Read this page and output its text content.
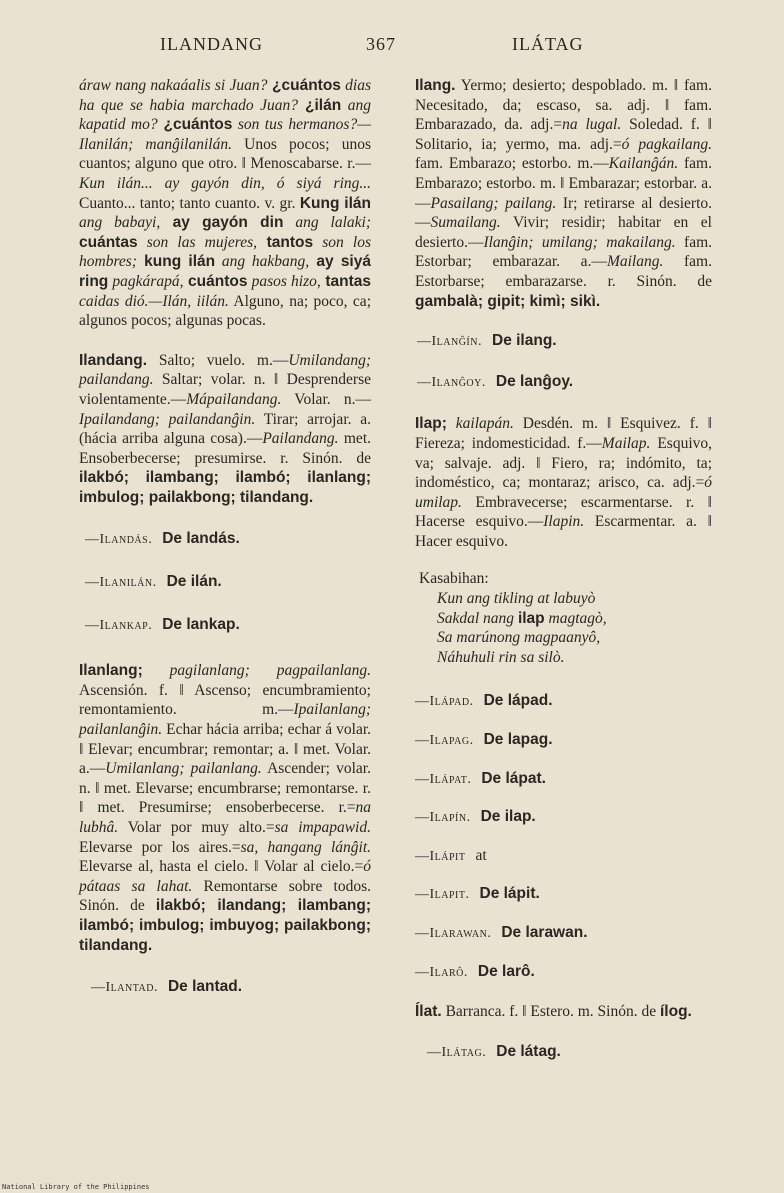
ILANDANG	367	ILÁTAG

áraw nang nakaáalis si Juan? ¿cuántos dias ha que se habia marchado Juan? ¿ilán ang kapatid mo? ¿cuántos son tus hermanos?—Ilanilán; manĝilanilán. Unos pocos; unos cuantos; alguno que otro. ‖ Menoscabarse. r.—Kun ilán... ay gayón din, ó siyá ring... Cuanto... tanto; tanto cuanto. v. gr. Kung ilán ang babayi, ay gayón din ang lalaki; cuántas son las mujeres, tantos son los hombres; kung ilán ang hakbang, ay siyá ring pagkárapá, cuántos pasos hizo, tantas caidas dió.—Ilán, iilán. Alguno, na; poco, ca; algunos pocos; algunas pocas.

Ilandang. Salto; vuelo. m.—Umilandang; pailandang. Saltar; volar. n. ‖ Desprenderse violentamente.—Mápailandang. Volar. n.—Ipailandang; pailandanĝin. Tirar; arrojar. a. (hácia arriba alguna cosa).—Pailandang. met. Ensoberbecerse; presumirse. r. Sinón. de ilakbó; ilambang; ilambó; ilanlang; imbulog; pailakbong; tilandang.

—Ilandás. De landás.

—Ilanilán. De ilán.

—Ilankap. De lankap.

Ilanlang; pagilanlang; pagpailanlang. Ascensión. f. ‖ Ascenso; encumbramiento; remontamiento. m.—Ipailanlang; pailanlanĝin. Echar hácia arriba; echar á volar. ‖ Elevar; encumbrar; remontar; a. ‖ met. Volar. a.—Umilanlang; pailanlang. Ascender; volar. n. ‖ met. Elevarse; encumbrarse; remontarse. r. ‖ met. Presumirse; ensoberbecerse. r.=na lubhâ. Volar por muy alto.=sa impapawid. Elevarse por los aires.=sa, hangang lánĝit. Elevarse al, hasta el cielo. ‖ Volar al cielo.=ó pátaas sa lahat. Remontarse sobre todos. Sinón. de ilakbó; ilandang; ilambang; ilambó; imbulog; imbuyog; pailakbong; tilandang.

—Ilantad. De lantad.

Ilang. Yermo; desierto; despoblado. m. ‖ fam. Necesitado, da; escaso, sa. adj. ‖ fam. Embarazado, da. adj.=na lugal. Soledad. f. ‖ Solitario, ia; yermo, ma. adj.=ó pagkailang. fam. Embarazo; estorbo. m.—Kailanĝán. fam. Embarazo; estorbo. m. ‖ Embarazar; estorbar. a.—Pasailang; pailang. Ir; retirarse al desierto.—Sumailang. Vivir; residir; habitar en el desierto.—Ilanĝin; umilang; makailang. fam. Estorbar; embarazar. a.—Mailang. fam. Estorbarse; embarazarse. r. Sinón. de gambalà; gipit; kimì; sikì.

—Ilanĝín. De ilang.

—Ilanĝoy. De lanĝoy.

Ilap; kailapán. Desdén. m. ‖ Esquivez. f. ‖ Fiereza; indomesticidad. f.—Mailap. Esquivo, va; salvaje. adj. ‖ Fiero, ra; indómito, ta; indoméstico, ca; montaraz; arisco, ca. adj.=ó umilap. Embravecerse; escarmentarse. r. ‖ Hacerse esquivo.—Ilapin. Escarmentar. a. ‖ Hacer esquivo.

Kasabihan:

Kun ang tikling at labuyò
Sakdal nang ilap magtagò,
Sa marúnong magpaanyô,
Náhuhuli rin sa silò.

—Ilápad. De lápad.

—Ilapag. De lapag.

—Ilápat. De lápat.

—Ilapín. De ilap.

—Ilápit at

—Ilapit. De lápit.

—Ilarawan. De larawan.

—Ilarô. De larô.

Ílat. Barranca. f. ‖ Estero. m. Sinón. de ílog.

—Ilátag. De látag.

National Library of the Philippines
